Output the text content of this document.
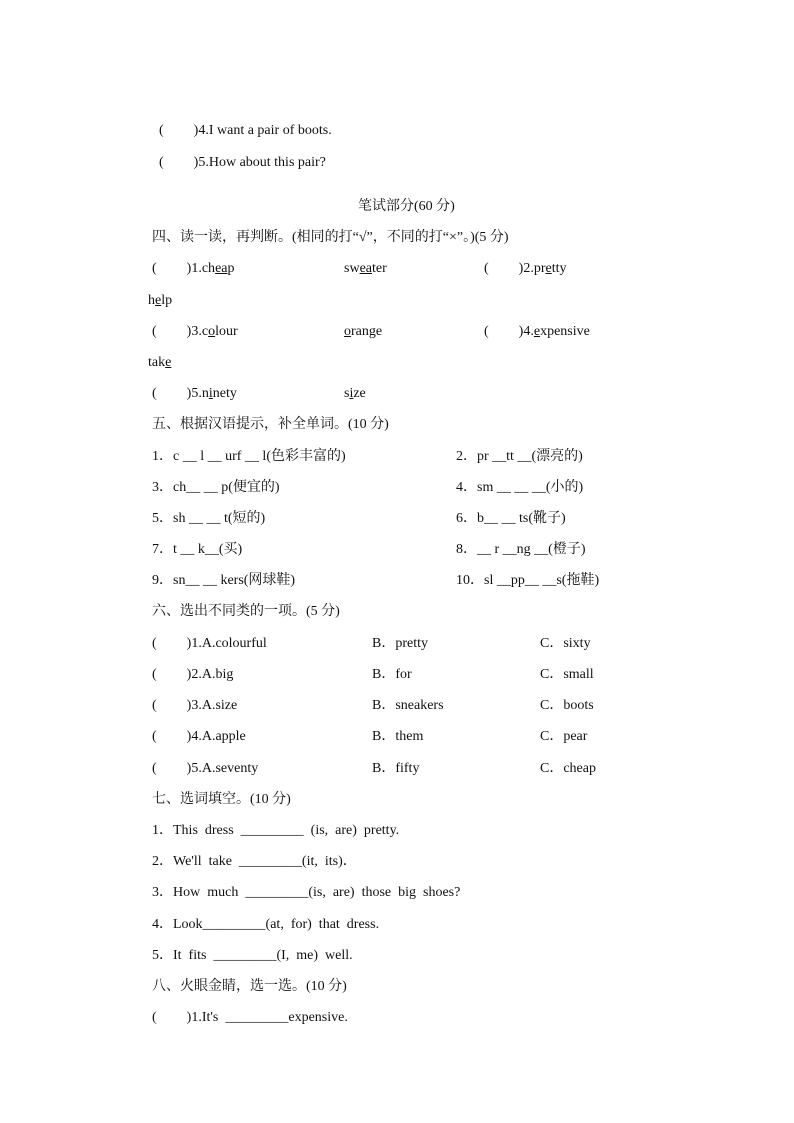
( )4.I want a pair of boots.

( )5.How about this pair?

笔试部分(60 分)
四、读一读，再判断。(相同的打“√”，不同的打“×”。)(5 分)
( )1.cheap	sweater	( )2.pretty
help
( )3.colour	orange	( )4.expensive
take
( )5.ninety	size
五、根据汉语提示，补全单词。(10 分)
1．c __ l __ urf __ l(色彩丰富的)	2．pr __tt __(漂亮的)
3．ch__ __ p(便宜的)	4．sm __ __ __(小的)
5．sh __ __ t(短的)	6．b__ __ ts(靴子)
7．t __ k__(买)	8．__ r __ng __(橙子)
9．sn__ __ kers(网球鞋)	10．sl __pp__ __s(拖鞋)
六、选出不同类的一项。(5 分)
( )1.A.colourful	B．pretty	C．sixty
( )2.A.big	B．for	C．small
( )3.A.size	B．sneakers	C．boots
( )4.A.apple	B．them	C．pear
( )5.A.seventy	B．fifty	C．cheap
七、选词填空。(10 分)
1．This  dress  _________  (is,  are)  pretty.
2．We'll  take  _________(it,  its)．
3．How  much  _________(is,  are)  those  big  shoes?
4．Look_________(at,  for)  that  dress.
5．It  fits  _________(I,  me)  well.
八、火眼金睛，选一选。(10 分)
( )1.It's  _________expensive.
